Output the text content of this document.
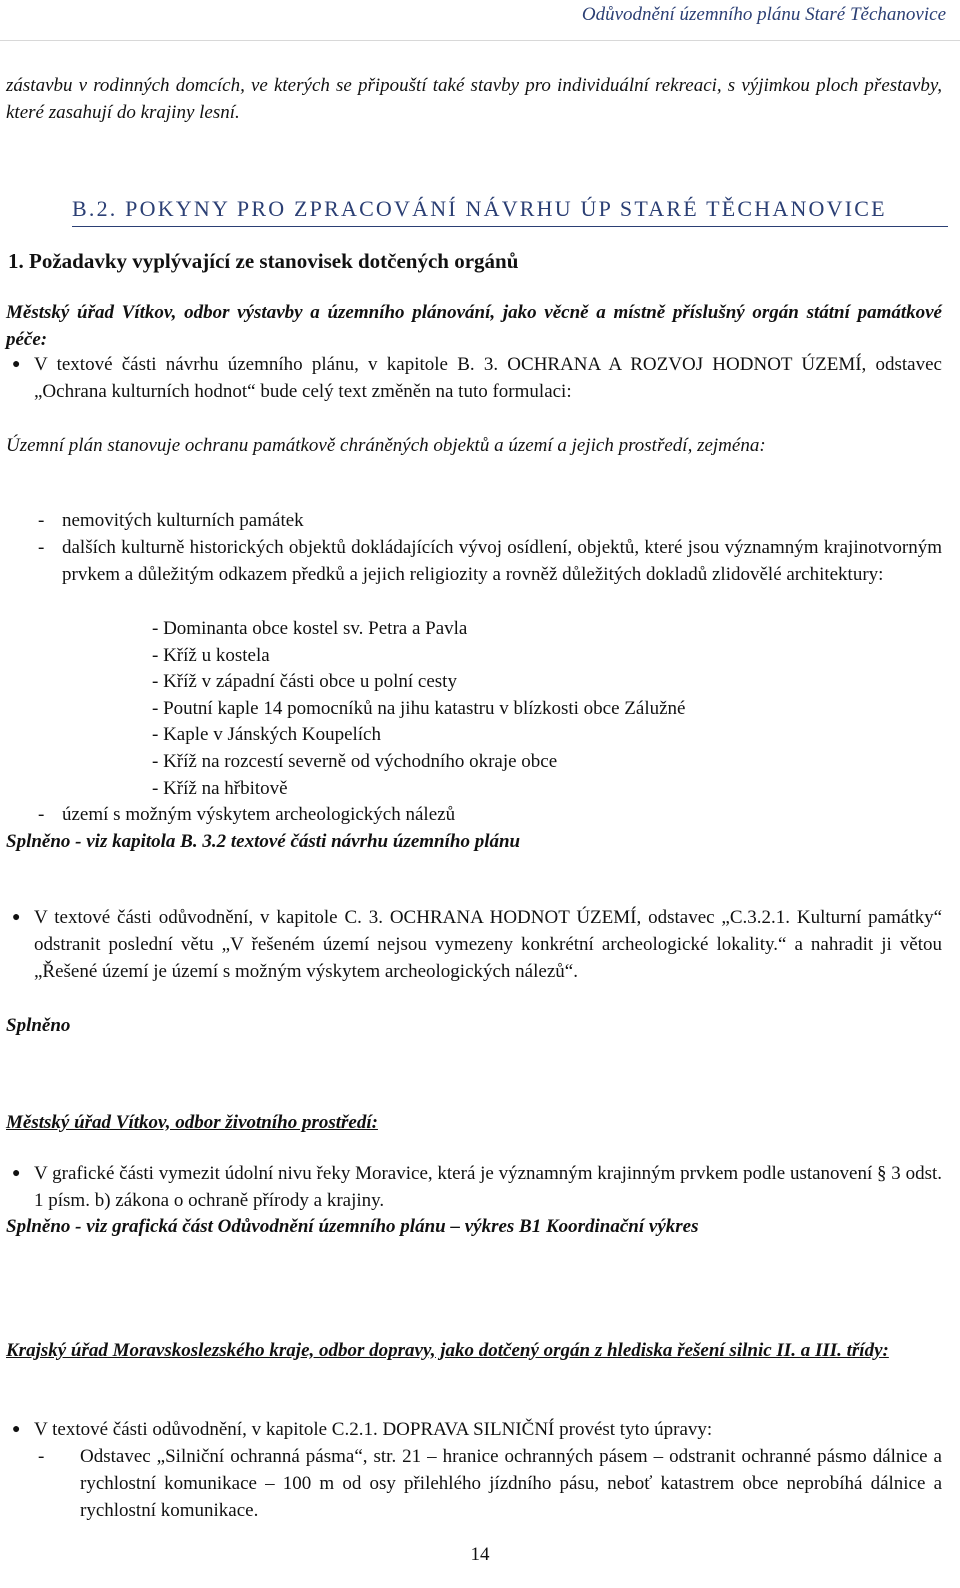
Odůvodnění územního plánu Staré Těchanovice

zástavbu v rodinných domcích, ve kterých se připouští také stavby pro individuální rekreaci, s výjimkou ploch přestavby, které zasahují do krajiny lesní.

B.2. POKYNY PRO ZPRACOVÁNÍ NÁVRHU ÚP STARÉ TĚCHANOVICE
1. Požadavky vyplývající ze stanovisek dotčených orgánů

Městský úřad Vítkov, odbor výstavby a územního plánování, jako věcně a místně příslušný orgán státní památkové péče:

● V textové části návrhu územního plánu, v kapitole B. 3. OCHRANA A ROZVOJ HODNOT ÚZEMÍ, odstavec „Ochrana kulturních hodnot“ bude celý text změněn na tuto formulaci:

Územní plán stanovuje ochranu památkově chráněných objektů a území a jejich prostředí, zejména:

- nemovitých kulturních památek

- dalších kulturně historických objektů dokládajících vývoj osídlení, objektů, které jsou významným krajinotvorným prvkem a důležitým odkazem předků a jejich religiozity a rovněž důležitých dokladů zlidovělé architektury:

- Dominanta obce kostel sv. Petra a Pavla

- Kříž u kostela

- Kříž v západní části obce u polní cesty

- Poutní kaple 14 pomocníků na jihu katastru v blízkosti obce Zálužné

- Kaple v Jánských Koupelích

- Kříž na rozcestí severně od východního okraje obce

- Kříž na hřbitově

- území s možným výskytem archeologických nálezů

Splněno - viz kapitola B. 3.2 textové části návrhu územního plánu

● V textové části odůvodnění, v kapitole C. 3. OCHRANA HODNOT ÚZEMÍ, odstavec „C.3.2.1. Kulturní památky“ odstranit poslední větu „V řešeném území nejsou vymezeny konkrétní archeologické lokality.“ a nahradit ji větou „Řešené území je území s možným výskytem archeologických nálezů“.

Splněno

Městský úřad Vítkov, odbor životního prostředí:

● V grafické části vymezit údolní nivu řeky Moravice, která je významným krajinným prvkem podle ustanovení § 3 odst. 1 písm. b) zákona o ochraně přírody a krajiny.

Splněno - viz grafická část Odůvodnění územního plánu – výkres B1 Koordinační výkres

Krajský úřad Moravskoslezského kraje, odbor dopravy, jako dotčený orgán z hlediska řešení silnic II. a III. třídy:

● V textové části odůvodnění, v kapitole C.2.1. DOPRAVA SILNIČNÍ provést tyto úpravy:

- Odstavec „Silniční ochranná pásma“, str. 21 – hranice ochranných pásem – odstranit ochranné pásmo dálnice a rychlostní komunikace – 100 m od osy přilehlého jízdního pásu, neboť katastrem obce neprobíhá dálnice a rychlostní komunikace.

14
